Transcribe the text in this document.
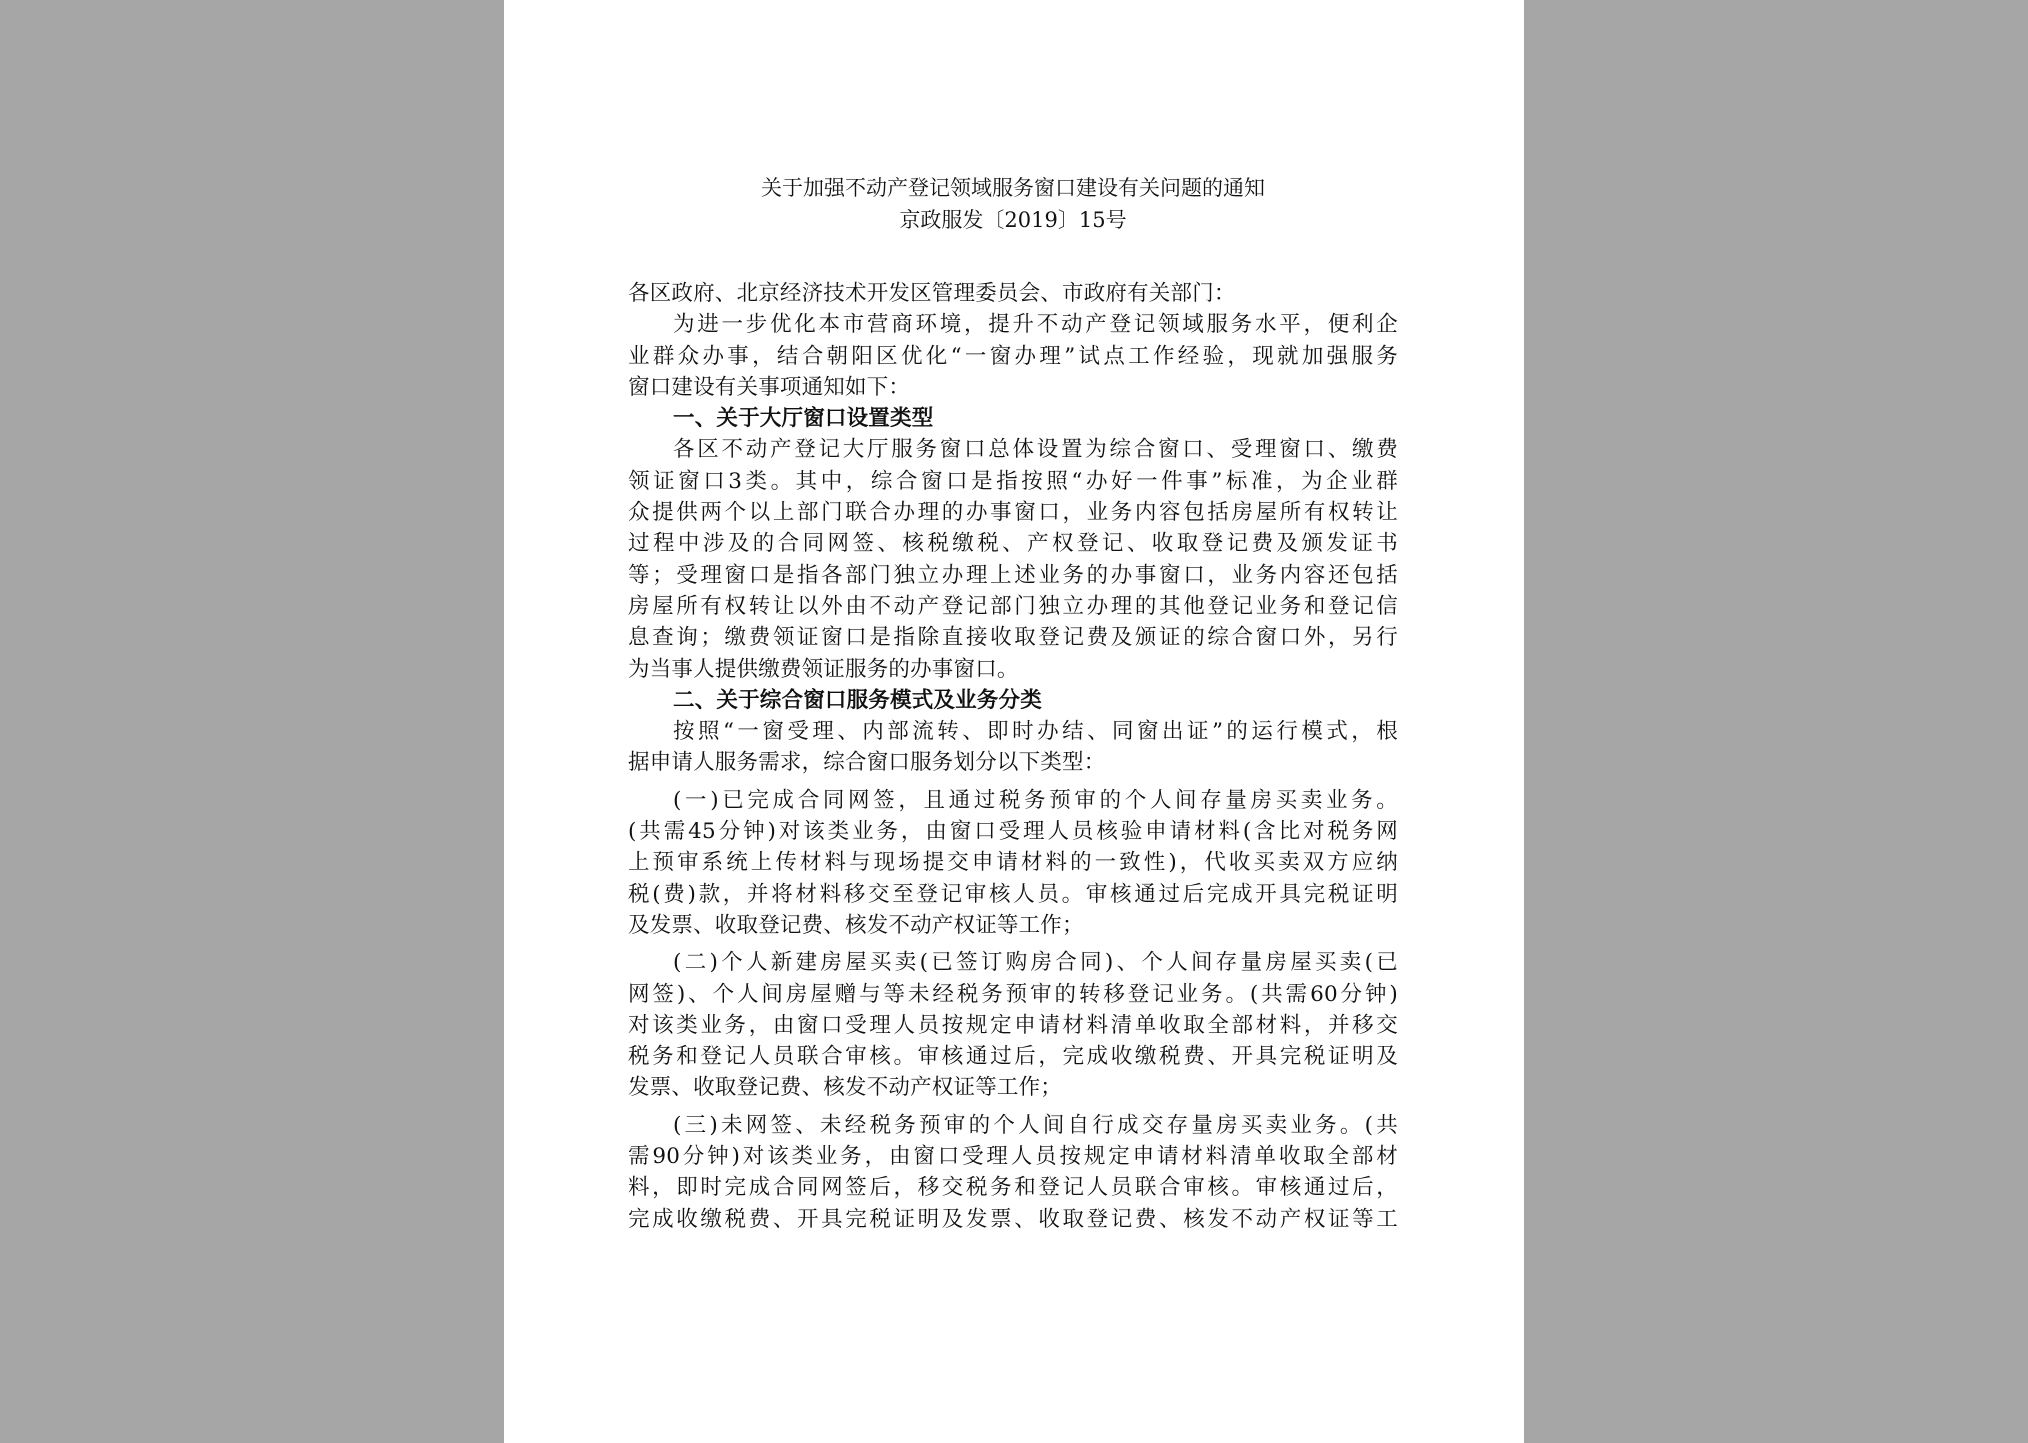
关于加强不动产登记领域服务窗口建设有关问题的通知
京政服发〔2019〕15号

各区政府、北京经济技术开发区管理委员会、市政府有关部门：

为进一步优化本市营商环境，提升不动产登记领域服务水平，便利企

业群众办事，结合朝阳区优化“一窗办理”试点工作经验，现就加强服务

窗口建设有关事项通知如下：

一、关于大厅窗口设置类型

各区不动产登记大厅服务窗口总体设置为综合窗口、受理窗口、缴费

领证窗口3类。其中，综合窗口是指按照“办好一件事”标准，为企业群

众提供两个以上部门联合办理的办事窗口，业务内容包括房屋所有权转让

过程中涉及的合同网签、核税缴税、产权登记、收取登记费及颁发证书

等；受理窗口是指各部门独立办理上述业务的办事窗口，业务内容还包括

房屋所有权转让以外由不动产登记部门独立办理的其他登记业务和登记信

息查询；缴费领证窗口是指除直接收取登记费及颁证的综合窗口外，另行

为当事人提供缴费领证服务的办事窗口。

二、关于综合窗口服务模式及业务分类

按照“一窗受理、内部流转、即时办结、同窗出证”的运行模式，根

据申请人服务需求，综合窗口服务划分以下类型：

(一)已完成合同网签，且通过税务预审的个人间存量房买卖业务。

(共需45分钟)对该类业务，由窗口受理人员核验申请材料(含比对税务网

上预审系统上传材料与现场提交申请材料的一致性)，代收买卖双方应纳

税(费)款，并将材料移交至登记审核人员。审核通过后完成开具完税证明

及发票、收取登记费、核发不动产权证等工作；

(二)个人新建房屋买卖(已签订购房合同)、个人间存量房屋买卖(已

网签)、个人间房屋赠与等未经税务预审的转移登记业务。(共需60分钟)

对该类业务，由窗口受理人员按规定申请材料清单收取全部材料，并移交

税务和登记人员联合审核。审核通过后，完成收缴税费、开具完税证明及

发票、收取登记费、核发不动产权证等工作；

(三)未网签、未经税务预审的个人间自行成交存量房买卖业务。(共

需90分钟)对该类业务，由窗口受理人员按规定申请材料清单收取全部材

料，即时完成合同网签后，移交税务和登记人员联合审核。审核通过后，

完成收缴税费、开具完税证明及发票、收取登记费、核发不动产权证等工
